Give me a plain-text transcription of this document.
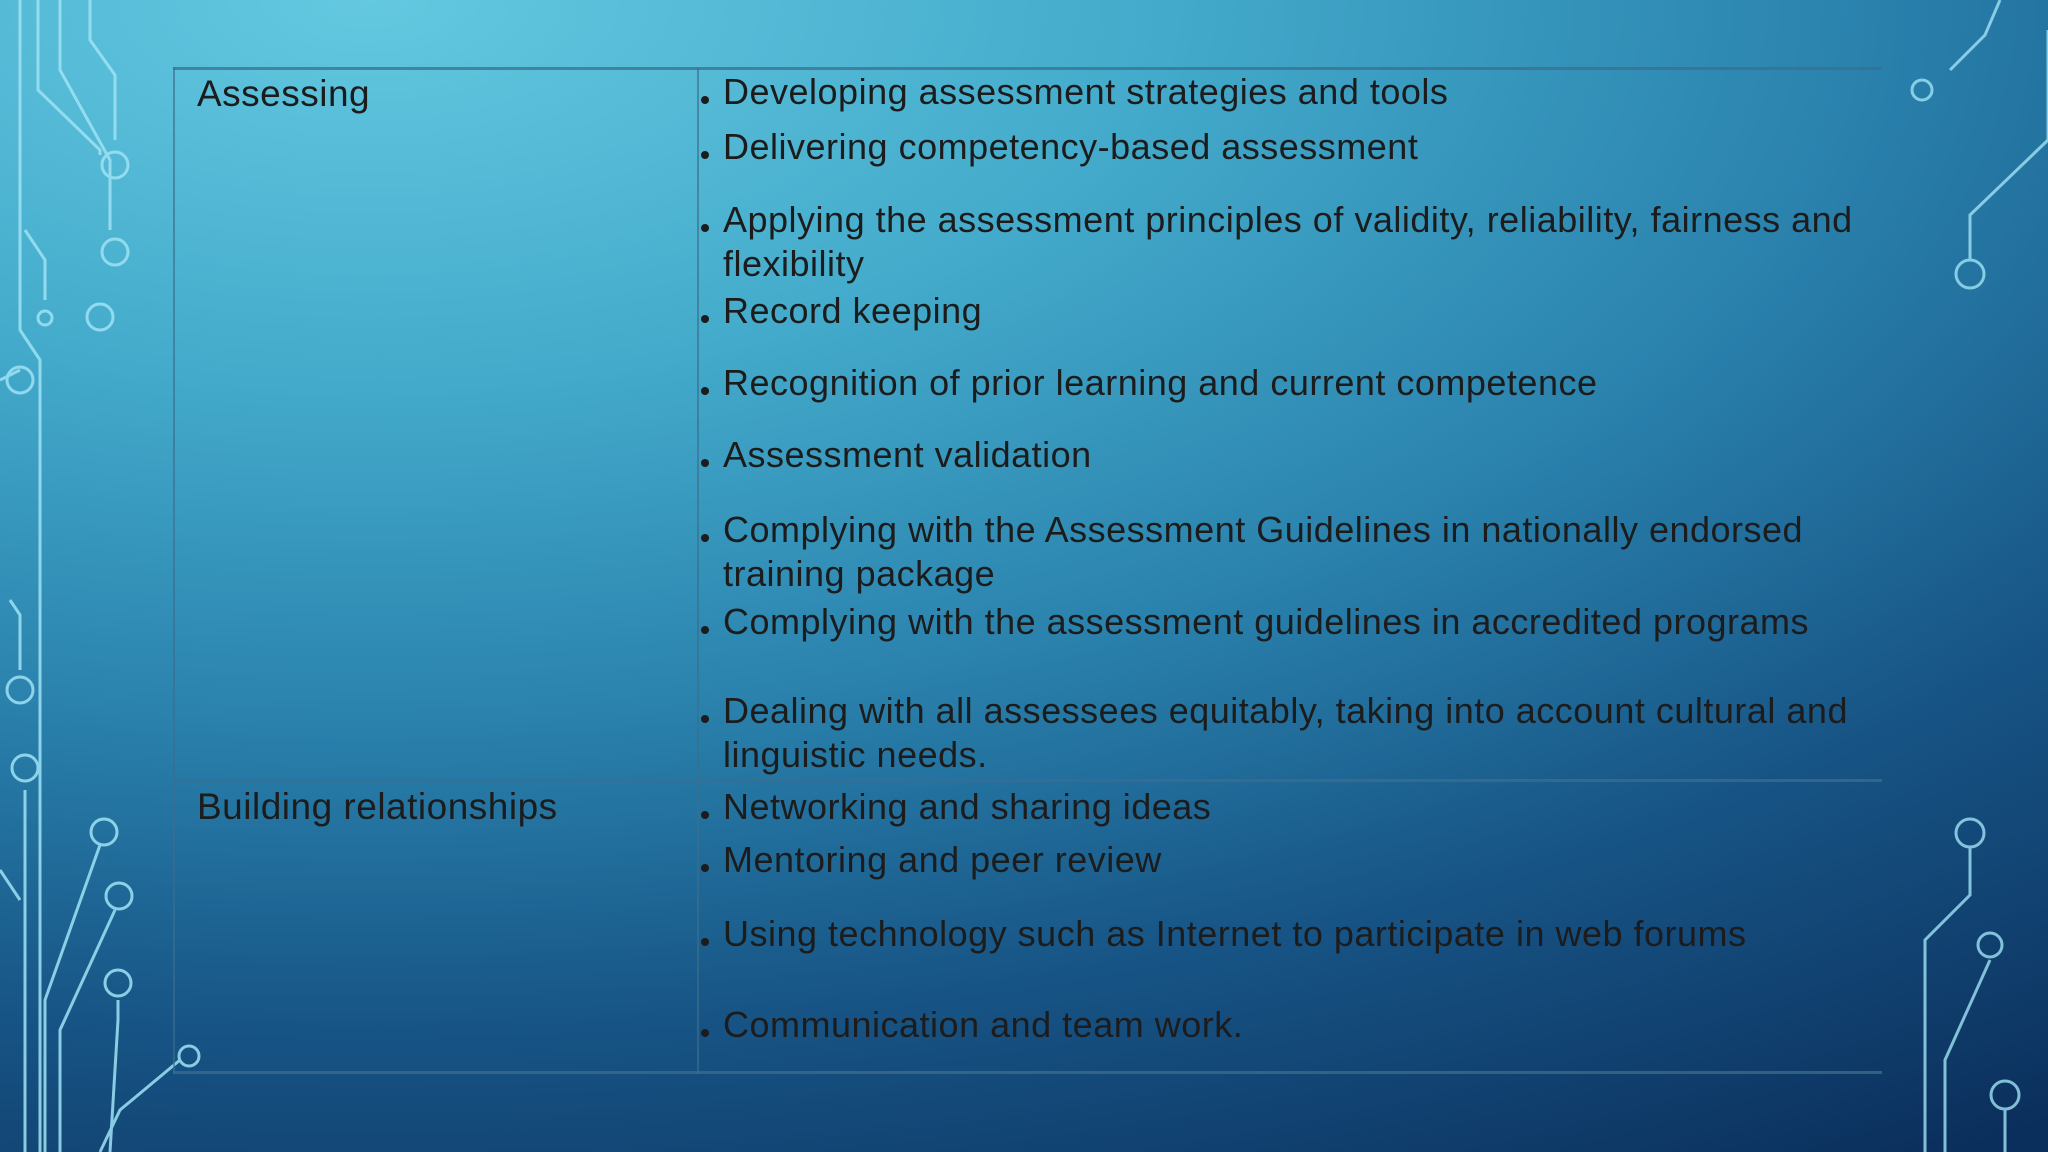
Assessing	Developing assessment strategies and tools
Delivering competency-based assessment
Applying the assessment principles of validity, reliability, fairness and flexibility
Record keeping
Recognition of prior learning and current competence
Assessment validation
Complying with the Assessment Guidelines in nationally endorsed training package
Complying with the assessment guidelines in accredited programs
Dealing with all assessees equitably, taking into account cultural and linguistic needs.
Building relationships	Networking and sharing ideas
Mentoring and peer review
Using technology such as Internet to participate in web forums
Communication and team work.
